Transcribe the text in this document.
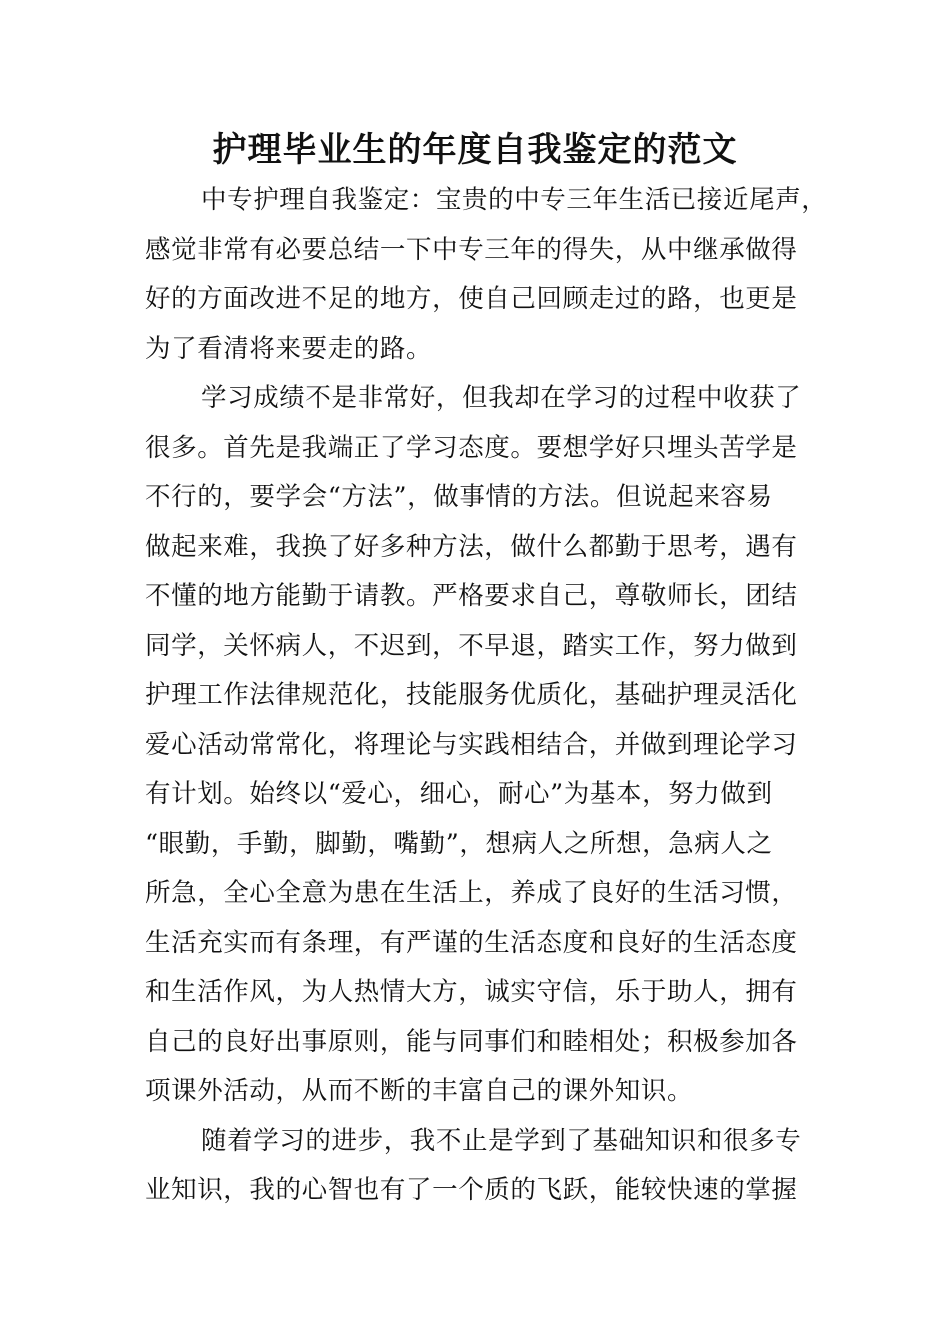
护理毕业生的年度自我鉴定的范文
中专护理自我鉴定：宝贵的中专三年生活已接近尾声，
感觉非常有必要总结一下中专三年的得失，从中继承做得
好的方面改进不足的地方，使自己回顾走过的路，也更是
为了看清将来要走的路。
学习成绩不是非常好，但我却在学习的过程中收获了
很多。首先是我端正了学习态度。要想学好只埋头苦学是
不行的，要学会“方法”，做事情的方法。但说起来容易
做起来难，我换了好多种方法，做什么都勤于思考，遇有
不懂的地方能勤于请教。严格要求自己，尊敬师长，团结
同学，关怀病人，不迟到，不早退，踏实工作，努力做到
护理工作法律规范化，技能服务优质化，基础护理灵活化
爱心活动常常化，将理论与实践相结合，并做到理论学习
有计划。始终以“爱心，细心，耐心”为基本，努力做到
“眼勤，手勤，脚勤，嘴勤”，想病人之所想，急病人之
所急，全心全意为患在生活上，养成了良好的生活习惯，
生活充实而有条理，有严谨的生活态度和良好的生活态度
和生活作风，为人热情大方，诚实守信，乐于助人，拥有
自己的良好出事原则，能与同事们和睦相处；积极参加各
项课外活动，从而不断的丰富自己的课外知识。
随着学习的进步，我不止是学到了基础知识和很多专
业知识，我的心智也有了一个质的飞跃，能较快速的掌握
